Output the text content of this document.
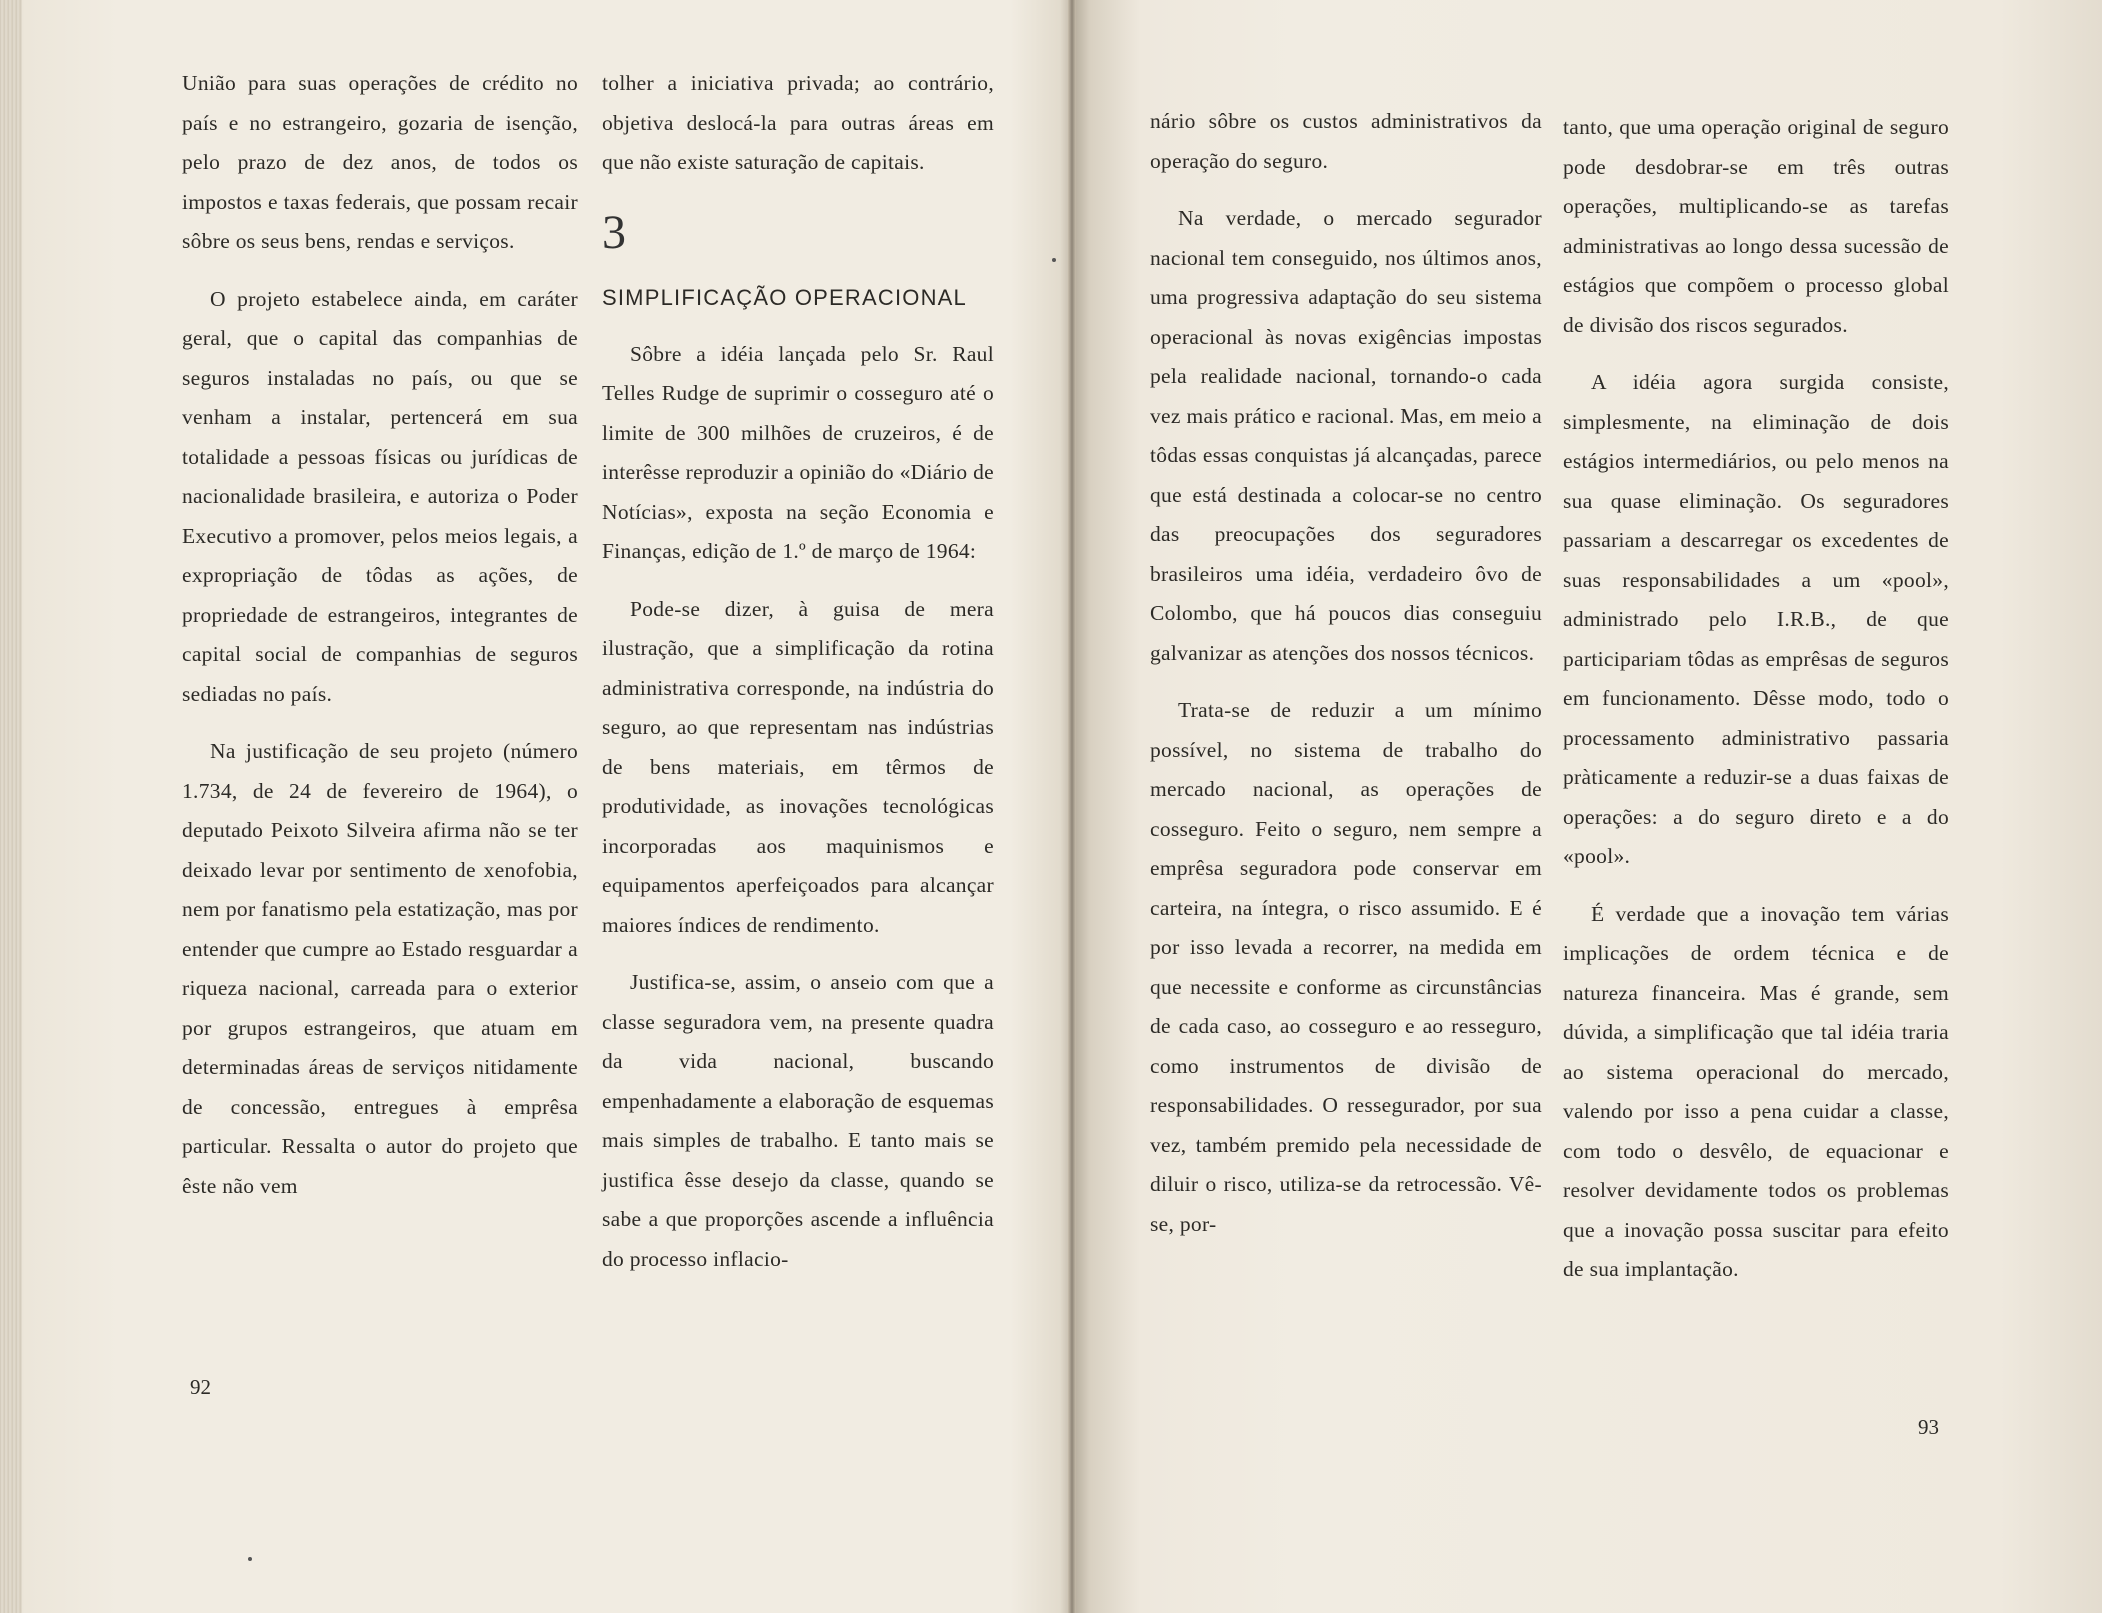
União para suas operações de crédito no país e no estrangeiro, gozaria de isenção, pelo prazo de dez anos, de todos os impostos e taxas federais, que possam recair sôbre os seus bens, rendas e serviços.

O projeto estabelece ainda, em caráter geral, que o capital das companhias de seguros instaladas no país, ou que se venham a instalar, pertencerá em sua totalidade a pessoas físicas ou jurídicas de nacionalidade brasileira, e autoriza o Poder Executivo a promover, pelos meios legais, a expropriação de tôdas as ações, de propriedade de estrangeiros, integrantes de capital social de companhias de seguros sediadas no país.

Na justificação de seu projeto (número 1.734, de 24 de fevereiro de 1964), o deputado Peixoto Silveira afirma não se ter deixado levar por sentimento de xenofobia, nem por fanatismo pela estatização, mas por entender que cumpre ao Estado resguardar a riqueza nacional, carreada para o exterior por grupos estrangeiros, que atuam em determinadas áreas de serviços nitidamente de concessão, entregues à emprêsa particular. Ressalta o autor do projeto que êste não vem

tolher a iniciativa privada; ao contrário, objetiva deslocá-la para outras áreas em que não existe saturação de capitais.

3
SIMPLIFICAÇÃO OPERACIONAL

Sôbre a idéia lançada pelo Sr. Raul Telles Rudge de suprimir o cosseguro até o limite de 300 milhões de cruzeiros, é de interêsse reproduzir a opinião do «Diário de Notícias», exposta na seção Economia e Finanças, edição de 1.º de março de 1964:

Pode-se dizer, à guisa de mera ilustração, que a simplificação da rotina administrativa corresponde, na indústria do seguro, ao que representam nas indústrias de bens materiais, em têrmos de produtividade, as inovações tecnológicas incorporadas aos maquinismos e equipamentos aperfeiçoados para alcançar maiores índices de rendimento.

Justifica-se, assim, o anseio com que a classe seguradora vem, na presente quadra da vida nacional, buscando empenhadamente a elaboração de esquemas mais simples de trabalho. E tanto mais se justifica êsse desejo da classe, quando se sabe a que proporções ascende a influência do processo inflacio-

92

nário sôbre os custos administrativos da operação do seguro.

Na verdade, o mercado segurador nacional tem conseguido, nos últimos anos, uma progressiva adaptação do seu sistema operacional às novas exigências impostas pela realidade nacional, tornando-o cada vez mais prático e racional. Mas, em meio a tôdas essas conquistas já alcançadas, parece que está destinada a colocar-se no centro das preocupações dos seguradores brasileiros uma idéia, verdadeiro ôvo de Colombo, que há poucos dias conseguiu galvanizar as atenções dos nossos técnicos.

Trata-se de reduzir a um mínimo possível, no sistema de trabalho do mercado nacional, as operações de cosseguro. Feito o seguro, nem sempre a emprêsa seguradora pode conservar em carteira, na íntegra, o risco assumido. E é por isso levada a recorrer, na medida em que necessite e conforme as circunstâncias de cada caso, ao cosseguro e ao resseguro, como instrumentos de divisão de responsabilidades. O ressegurador, por sua vez, também premido pela necessidade de diluir o risco, utiliza-se da retrocessão. Vê-se, por-

tanto, que uma operação original de seguro pode desdobrar-se em três outras operações, multiplicando-se as tarefas administrativas ao longo dessa sucessão de estágios que compõem o processo global de divisão dos riscos segurados.

A idéia agora surgida consiste, simplesmente, na eliminação de dois estágios intermediários, ou pelo menos na sua quase eliminação. Os seguradores passariam a descarregar os excedentes de suas responsabilidades a um «pool», administrado pelo I.R.B., de que participariam tôdas as emprêsas de seguros em funcionamento. Dêsse modo, todo o processamento administrativo passaria pràticamente a reduzir-se a duas faixas de operações: a do seguro direto e a do «pool».

É verdade que a inovação tem várias implicações de ordem técnica e de natureza financeira. Mas é grande, sem dúvida, a simplificação que tal idéia traria ao sistema operacional do mercado, valendo por isso a pena cuidar a classe, com todo o desvêlo, de equacionar e resolver devidamente todos os problemas que a inovação possa suscitar para efeito de sua implantação.

93
